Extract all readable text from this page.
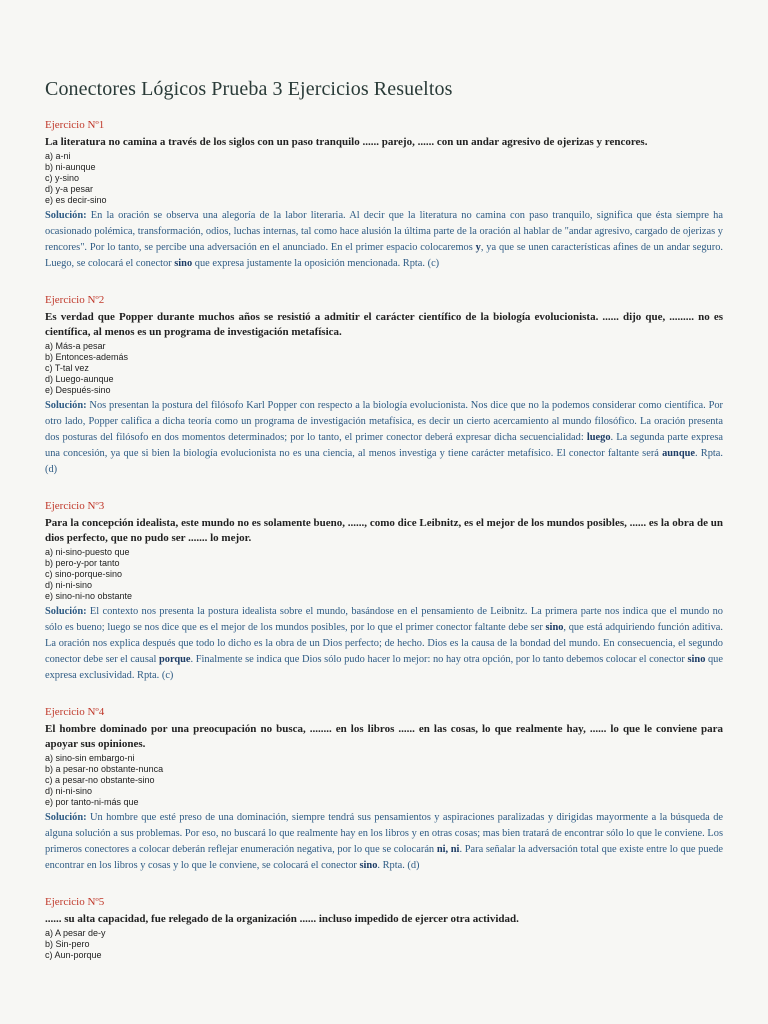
Conectores Lógicos Prueba 3 Ejercicios Resueltos
Ejercicio Nº1
La literatura no camina a través de los siglos con un paso tranquilo ...... parejo, ...... con un andar agresivo de ojerizas y rencores.
a) a-ni
b) ni-aunque
c) y-sino
d) y-a pesar
e) es decir-sino

Solución: En la oración se observa una alegoría de la labor literaria. Al decir que la literatura no camina con paso tranquilo, significa que ésta siempre ha ocasionado polémica, transformación, odios, luchas internas, tal como hace alusión la última parte de la oración al hablar de "andar agresivo, cargado de ojerizas y rencores". Por lo tanto, se percibe una adversación en el anunciado. En el primer espacio colocaremos y, ya que se unen características afines de un andar seguro. Luego, se colocará el conector sino que expresa justamente la oposición mencionada. Rpta. (c)

Ejercicio Nº2
Es verdad que Popper durante muchos años se resistió a admitir el carácter científico de la biología evolucionista. ...... dijo que, ......... no es científica, al menos es un programa de investigación metafísica.
a) Más-a pesar
b) Entonces-además
c) T-tal vez
d) Luego-aunque
e) Después-sino

Solución: Nos presentan la postura del filósofo Karl Popper con respecto a la biología evolucionista. Nos dice que no la podemos considerar como científica. Por otro lado, Popper califica a dicha teoría como un programa de investigación metafísica, es decir un cierto acercamiento al mundo filosófico. La oración presenta dos posturas del filósofo en dos momentos determinados; por lo tanto, el primer conector deberá expresar dicha secuencialidad: luego. La segunda parte expresa una concesión, ya que si bien la biología evolucionista no es una ciencia, al menos investiga y tiene carácter metafísico. El conector faltante será aunque. Rpta. (d)

Ejercicio Nº3
Para la concepción idealista, este mundo no es solamente bueno, ......, como dice Leibnitz, es el mejor de los mundos posibles, ...... es la obra de un dios perfecto, que no pudo ser ....... lo mejor.
a) ni-sino-puesto que
b) pero-y-por tanto
c) sino-porque-sino
d) ni-ni-sino
e) sino-ni-no obstante

Solución: El contexto nos presenta la postura idealista sobre el mundo, basándose en el pensamiento de Leibnitz. La primera parte nos indica que el mundo no sólo es bueno; luego se nos dice que es el mejor de los mundos posibles, por lo que el primer conector faltante debe ser sino, que está adquiriendo función aditiva. La oración nos explica después que todo lo dicho es la obra de un Dios perfecto; de hecho. Dios es la causa de la bondad del mundo. En consecuencia, el segundo conector debe ser el causal porque. Finalmente se indica que Dios sólo pudo hacer lo mejor: no hay otra opción, por lo tanto debemos colocar el conector sino que expresa exclusividad. Rpta. (c)

Ejercicio Nº4
El hombre dominado por una preocupación no busca, ........ en los libros ...... en las cosas, lo que realmente hay, ...... lo que le conviene para apoyar sus opiniones.
a) sino-sin embargo-ni
b) a pesar-no obstante-nunca
c) a pesar-no obstante-sino
d) ni-ni-sino
e) por tanto-ni-más que

Solución: Un hombre que esté preso de una dominación, siempre tendrá sus pensamientos y aspiraciones paralizadas y dirigidas mayormente a la búsqueda de alguna solución a sus problemas. Por eso, no buscará lo que realmente hay en los libros y en otras cosas; mas bien tratará de encontrar sólo lo que le conviene. Los primeros conectores a colocar deberán reflejar enumeración negativa, por lo que se colocarán ni, ni. Para señalar la adversación total que existe entre lo que puede encontrar en los libros y cosas y lo que le conviene, se colocará el conector sino. Rpta. (d)

Ejercicio Nº5
...... su alta capacidad, fue relegado de la organización ...... incluso impedido de ejercer otra actividad.
a) A pesar de-y
b) Sin-pero
c) Aun-porque
